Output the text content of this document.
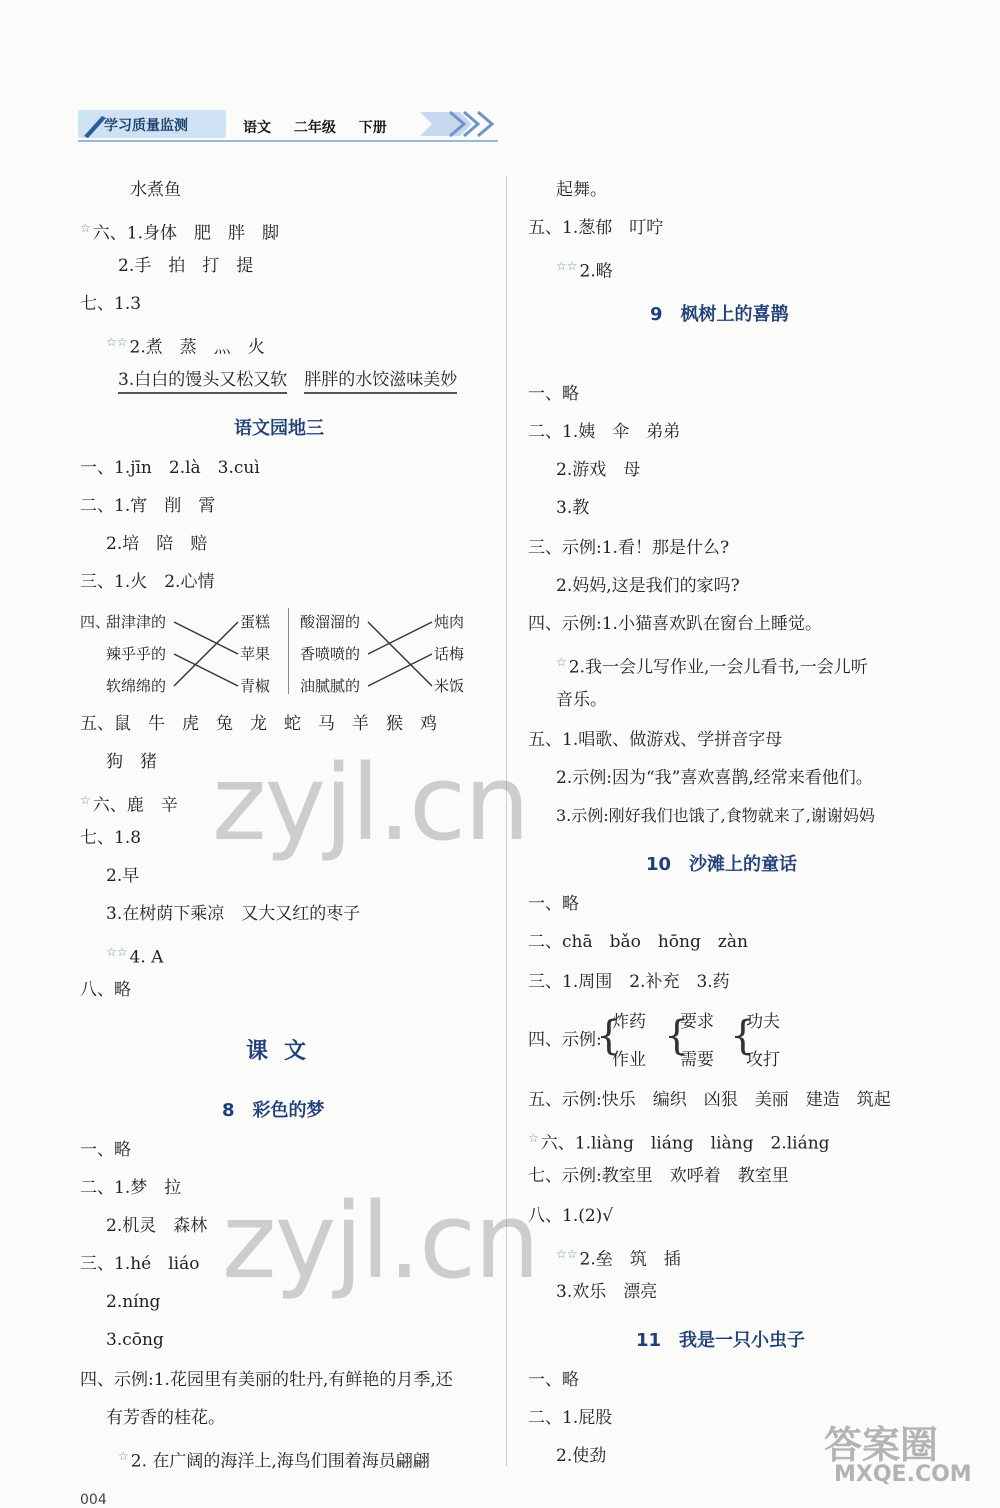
学习质量监测	语文 二年级 下册
水煮鱼
☆ 六、1.身体　肥　胖　脚
2.手　拍　打　提
七、1.3
☆☆ 2.煮　蒸　灬　火
3.白白的馒头又松又软　 胖胖的水饺滋味美妙
语文园地三
一、1.jīn　2.là　3.cuì
二、1.宵　削　霄
2.培　陪　赔
三、1.火　2.心情
四、
甜津津的
辣乎乎的
软绵绵的
蛋糕
苹果
青椒
酸溜溜的
香喷喷的
油腻腻的
炖肉
话梅
米饭
五、鼠　牛　虎　兔　龙　蛇　马　羊　猴　鸡
狗　猪
☆ 六、鹿　辛
七、1.8
2.早
3.在树荫下乘凉　又大又红的枣子
☆☆ 4. A
八、略
课文
8　彩色的梦
一、略
二、1.梦　拉
2.机灵　森林
三、1.hé　liáo
2.níng
3.cōng
四、示例:1.花园里有美丽的牡丹,有鲜艳的月季,还
有芳香的桂花。
☆ 2. 在广阔的海洋上,海鸟们围着海员翩翩
起舞。
五、1.葱郁　叮咛
☆☆ 2.略
9　枫树上的喜鹊
一、略
二、1.姨　伞　弟弟
2.游戏　母
3.教
三、示例:1.看！那是什么?
2.妈妈,这是我们的家吗?
四、示例:1.小猫喜欢趴在窗台上睡觉。
☆ 2.我一会儿写作业,一会儿看书,一会儿听
音乐。
五、1.唱歌、做游戏、学拼音字母
2.示例:因为“我”喜欢喜鹊,经常来看他们。
3.示例:刚好我们也饿了,食物就来了,谢谢妈妈
10　沙滩上的童话
一、略
二、chā　bǎo　hōng　zàn
三、1.周围　2.补充　3.药
四、示例:
{
炸药
作业
{
要求
需要
{
功夫
攻打
五、示例:快乐　编织　凶狠　美丽　建造　筑起
☆ 六、1.liàng　liáng　liàng　2.liáng
七、示例:教室里　欢呼着　教室里
八、1.(2)√
☆☆ 2.垒　筑　插
3.欢乐　漂亮
11　我是一只小虫子
一、略
二、1.屁股
2.使劲
zyjl.cn
zyjl.cn
答案圈
MXQE.COM
004
